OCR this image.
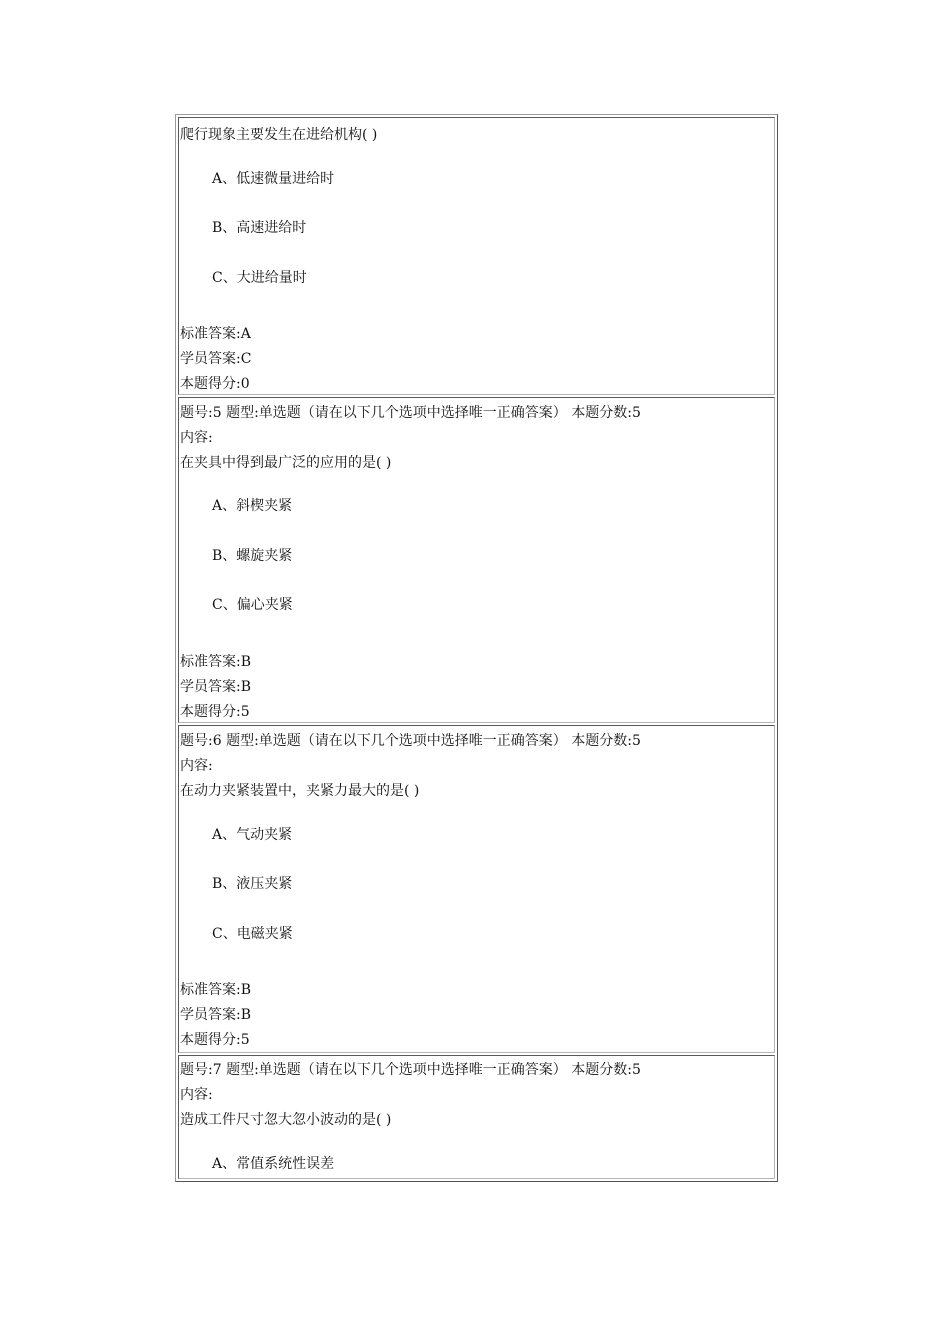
爬行现象主要发生在进给机构( )
A、低速微量进给时
B、高速进给时
C、大进给量时
标准答案:A
学员答案:C
本题得分:0
题号:5 题型:单选题（请在以下几个选项中选择唯一正确答案） 本题分数:5
内容:
在夹具中得到最广泛的应用的是( )
A、斜楔夹紧
B、螺旋夹紧
C、偏心夹紧
标准答案:B
学员答案:B
本题得分:5
题号:6 题型:单选题（请在以下几个选项中选择唯一正确答案） 本题分数:5
内容:
在动力夹紧装置中，夹紧力最大的是( )
A、气动夹紧
B、液压夹紧
C、电磁夹紧
标准答案:B
学员答案:B
本题得分:5
题号:7 题型:单选题（请在以下几个选项中选择唯一正确答案） 本题分数:5
内容:
造成工件尺寸忽大忽小波动的是( )
A、常值系统性误差
